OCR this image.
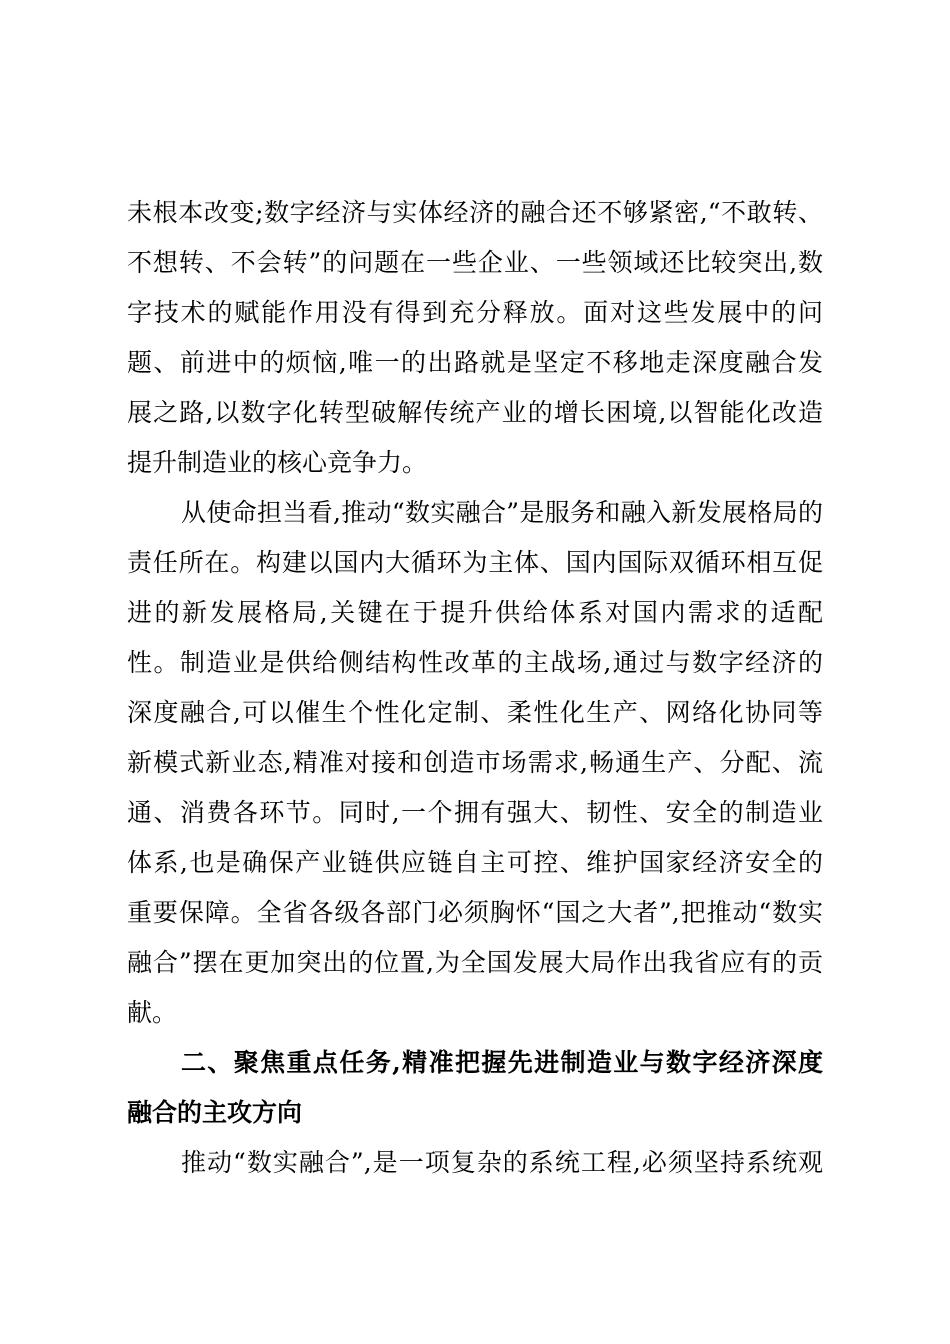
未根本改变;数字经济与实体经济的融合还不够紧密,“不敢转、
不想转、不会转”的问题在一些企业、一些领域还比较突出,数
字技术的赋能作用没有得到充分释放。面对这些发展中的问
题、前进中的烦恼,唯一的出路就是坚定不移地走深度融合发
展之路,以数字化转型破解传统产业的增长困境,以智能化改造
提升制造业的核心竞争力。
从使命担当看,推动“数实融合”是服务和融入新发展格局的
责任所在。构建以国内大循环为主体、国内国际双循环相互促
进的新发展格局,关键在于提升供给体系对国内需求的适配
性。制造业是供给侧结构性改革的主战场,通过与数字经济的
深度融合,可以催生个性化定制、柔性化生产、网络化协同等
新模式新业态,精准对接和创造市场需求,畅通生产、分配、流
通、消费各环节。同时,一个拥有强大、韧性、安全的制造业
体系,也是确保产业链供应链自主可控、维护国家经济安全的
重要保障。全省各级各部门必须胸怀“国之大者”,把推动“数实
融合”摆在更加突出的位置,为全国发展大局作出我省应有的贡
献。
二、聚焦重点任务,精准把握先进制造业与数字经济深度
融合的主攻方向
推动“数实融合”,是一项复杂的系统工程,必须坚持系统观
